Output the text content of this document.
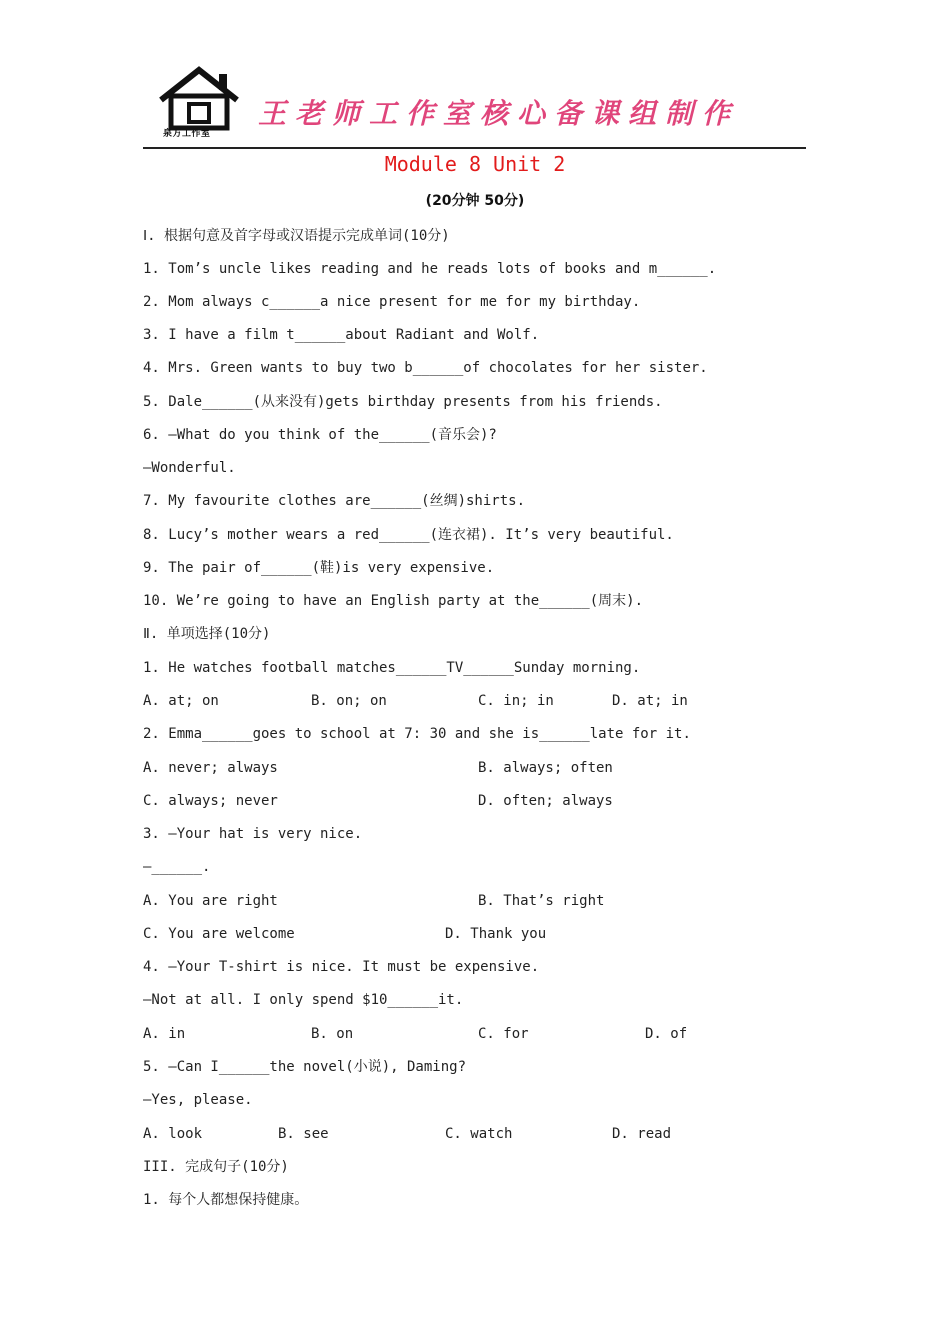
泉方工作室
王老师工作室核心备课组制作
Module 8 Unit 2
(20分钟 50分)
Ⅰ. 根据句意及首字母或汉语提示完成单词(10分)
1. Tom’s uncle likes reading and he reads lots of books and m______.
2. Mom always c______a nice present for me for my birthday.
3. I have a film t______about Radiant and Wolf.
4. Mrs. Green wants to buy two b______of chocolates for her sister.
5. Dale______(从来没有)gets birthday presents from his friends.
6. —What do you think of the______(音乐会)?
—Wonderful.
7. My favourite clothes are______(丝绸)shirts.
8. Lucy’s mother wears a red______(连衣裙). It’s very beautiful.
9. The pair of______(鞋)is very expensive.
10. We’re going to have an English party at the______(周末).
Ⅱ. 单项选择(10分)
1. He watches football matches______TV______Sunday morning.
A. at; on	B. on; on	C. in; in	D. at; in
2. Emma______goes to school at 7: 30 and she is______late for it.
A. never; always	B. always; often
C. always; never	D. often; always
3. —Your hat is very nice.
—______.
A. You are right	B. That’s right
C. You are welcome	D. Thank you
4. —Your T-shirt is nice. It must be expensive.
—Not at all. I only spend $10______it.
A. in	B. on	C. for	D. of
5. —Can I______the novel(小说), Daming?
—Yes, please.
A. look	B. see	C. watch	D. read
III. 完成句子(10分)
1. 每个人都想保持健康。
